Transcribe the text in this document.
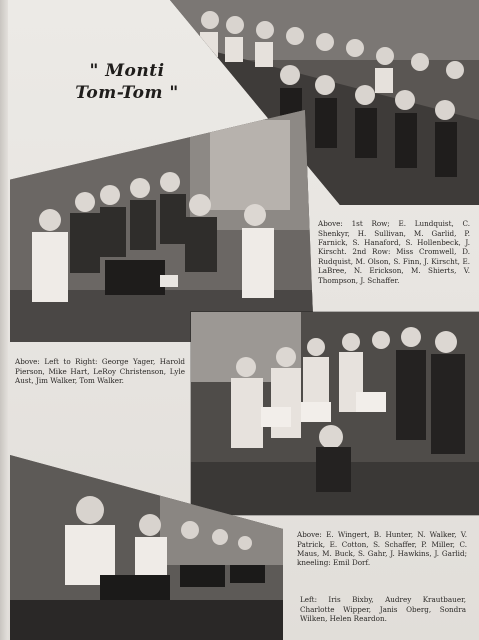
" Monti
Tom-Tom "

Above: 1st Row; E. Lundquist, C. Shenkyr, H. Sullivan, M. Garlid, P. Farnick, S. Hanaford, S. Hollenbeck, J. Kirscht. 2nd Row: Miss Cromwell, D. Rudquist, M. Olson, S. Finn, J. Kirscht, E. LaBree, N. Erickson, M. Shierts, V. Thompson, J. Schaffer.

Above: Left to Right: George Yager, Harold Pierson, Mike Hart, LeRoy Christenson, Lyle Aust, Jim Walker, Tom Walker.

Above: E. Wingert, B. Hunter, N. Walker, V. Patrick, E. Cotton, S. Schaffer, P. Miller, C. Maus, M. Buck, S. Gahr, J. Hawkins, J. Garlid; kneeling: Emil Dorf.

Left: Iris Bixby, Audrey Krautbauer, Charlotte Wipper, Janis Oberg, Sondra Wilken, Helen Reardon.
